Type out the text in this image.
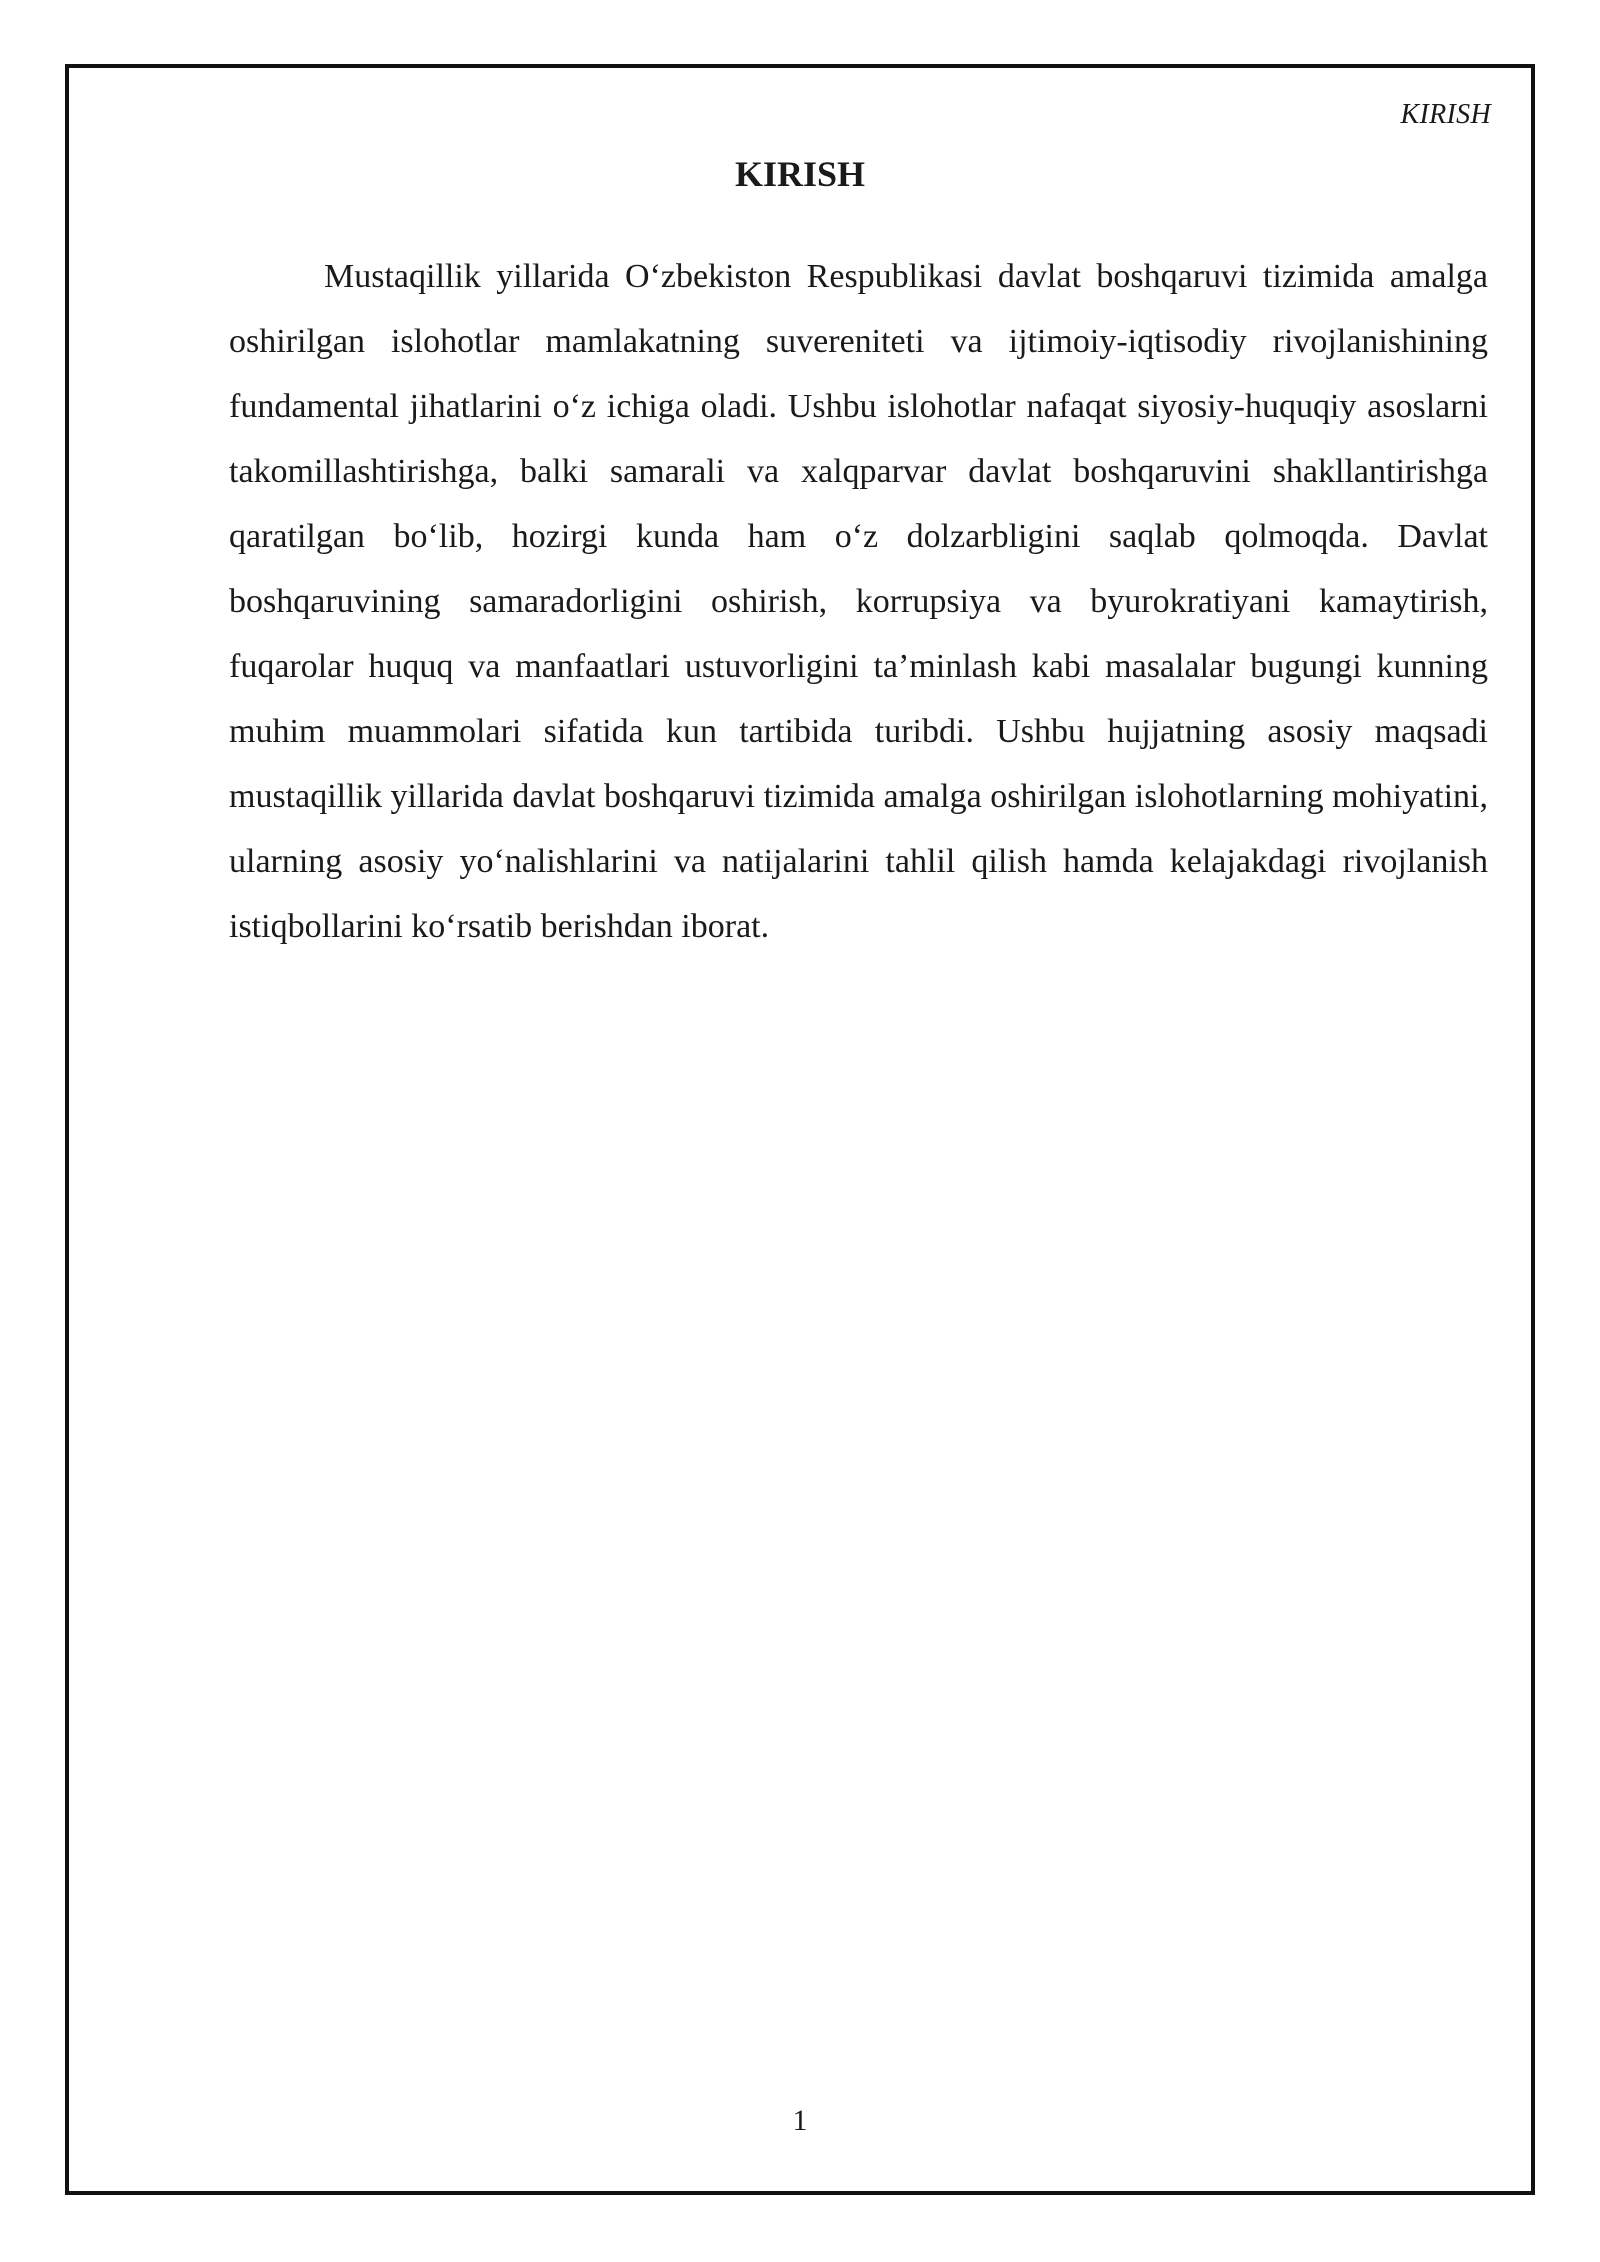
KIRISH
KIRISH

Mustaqillik yillarida O‘zbekiston Respublikasi davlat boshqaruvi tizimida amalga oshirilgan islohotlar mamlakatning suvereniteti va ijtimoiy-iqtisodiy rivojlanishining fundamental jihatlarini o‘z ichiga oladi. Ushbu islohotlar nafaqat siyosiy-huquqiy asoslarni takomillashtirishga, balki samarali va xalqparvar davlat boshqaruvini shakllantirishga qaratilgan bo‘lib, hozirgi kunda ham o‘z dolzarbligini saqlab qolmoqda. Davlat boshqaruvining samaradorligini oshirish, korrupsiya va byurokratiyani kamaytirish, fuqarolar huquq va manfaatlari ustuvorligini ta’minlash kabi masalalar bugungi kunning muhim muammolari sifatida kun tartibida turibdi. Ushbu hujjatning asosiy maqsadi mustaqillik yillarida davlat boshqaruvi tizimida amalga oshirilgan islohotlarning mohiyatini, ularning asosiy yo‘nalishlarini va natijalarini tahlil qilish hamda kelajakdagi rivojlanish istiqbollarini ko‘rsatib berishdan iborat.

1
